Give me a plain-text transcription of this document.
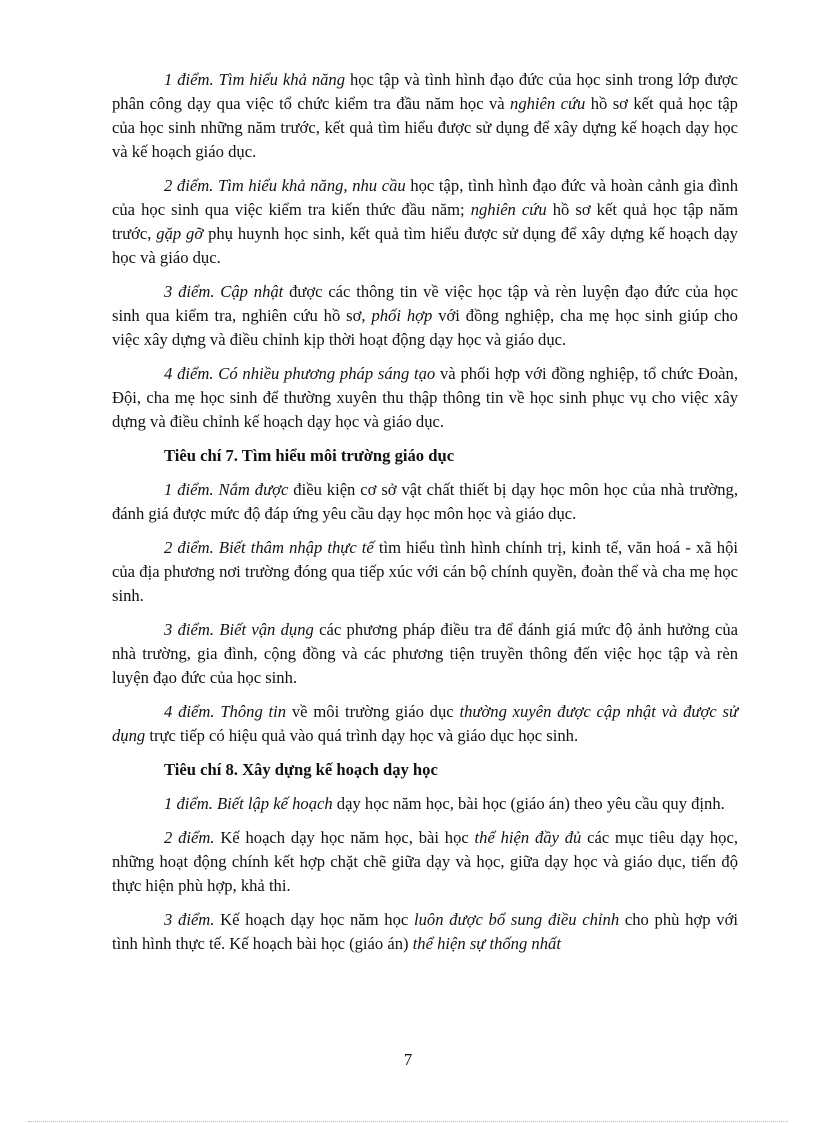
1 điểm. Tìm hiểu khả năng học tập và tình hình đạo đức của học sinh trong lớp được phân công dạy qua việc tổ chức kiểm tra đầu năm học và nghiên cứu hồ sơ kết quả học tập của học sinh những năm trước, kết quả tìm hiểu được sử dụng để xây dựng kế hoạch dạy học và kế hoạch giáo dục.

2 điểm. Tìm hiểu khả năng, nhu cầu học tập, tình hình đạo đức và hoàn cảnh gia đình của học sinh qua việc kiểm tra kiến thức đầu năm; nghiên cứu hồ sơ kết quả học tập năm trước, gặp gỡ phụ huynh học sinh, kết quả tìm hiểu được sử dụng để xây dựng kế hoạch dạy học và giáo dục.

3 điểm. Cập nhật được các thông tin về việc học tập và rèn luyện đạo đức của học sinh qua kiểm tra, nghiên cứu hồ sơ, phối hợp với đồng nghiệp, cha mẹ học sinh giúp cho việc xây dựng và điều chỉnh kịp thời hoạt động dạy học và giáo dục.

4 điểm. Có nhiều phương pháp sáng tạo và phối hợp với đồng nghiệp, tổ chức Đoàn, Đội, cha mẹ học sinh để thường xuyên thu thập thông tin về học sinh phục vụ cho việc xây dựng và điều chỉnh kế hoạch dạy học và giáo dục.

Tiêu chí 7. Tìm hiểu môi trường giáo dục

1 điểm. Nắm được điều kiện cơ sở vật chất thiết bị dạy học môn học của nhà trường, đánh giá được mức độ đáp ứng yêu cầu dạy học môn học và giáo dục.

2 điểm. Biết thâm nhập thực tế tìm hiểu tình hình chính trị, kinh tế, văn hoá - xã hội của địa phương nơi trường đóng qua tiếp xúc với cán bộ chính quyền, đoàn thể và cha mẹ học sinh.

3 điểm. Biết vận dụng các phương pháp điều tra để đánh giá mức độ ảnh hưởng của nhà trường, gia đình, cộng đồng và các phương tiện truyền thông đến việc học tập và rèn luyện đạo đức của học sinh.

4 điểm. Thông tin về môi trường giáo dục thường xuyên được cập nhật và được sử dụng trực tiếp có hiệu quả vào quá trình dạy học và giáo dục học sinh.

Tiêu chí 8. Xây dựng kế hoạch dạy học

1 điểm. Biết lập kế hoạch dạy học năm học, bài học (giáo án) theo yêu cầu quy định.

2 điểm. Kế hoạch dạy học năm học, bài học thể hiện đầy đủ các mục tiêu dạy học, những hoạt động chính kết hợp chặt chẽ giữa dạy và học, giữa dạy học và giáo dục, tiến độ thực hiện phù hợp, khả thi.

3 điểm. Kế hoạch dạy học năm học luôn được bổ sung điều chỉnh cho phù hợp với tình hình thực tế. Kế hoạch bài học (giáo án) thể hiện sự thống nhất

7
